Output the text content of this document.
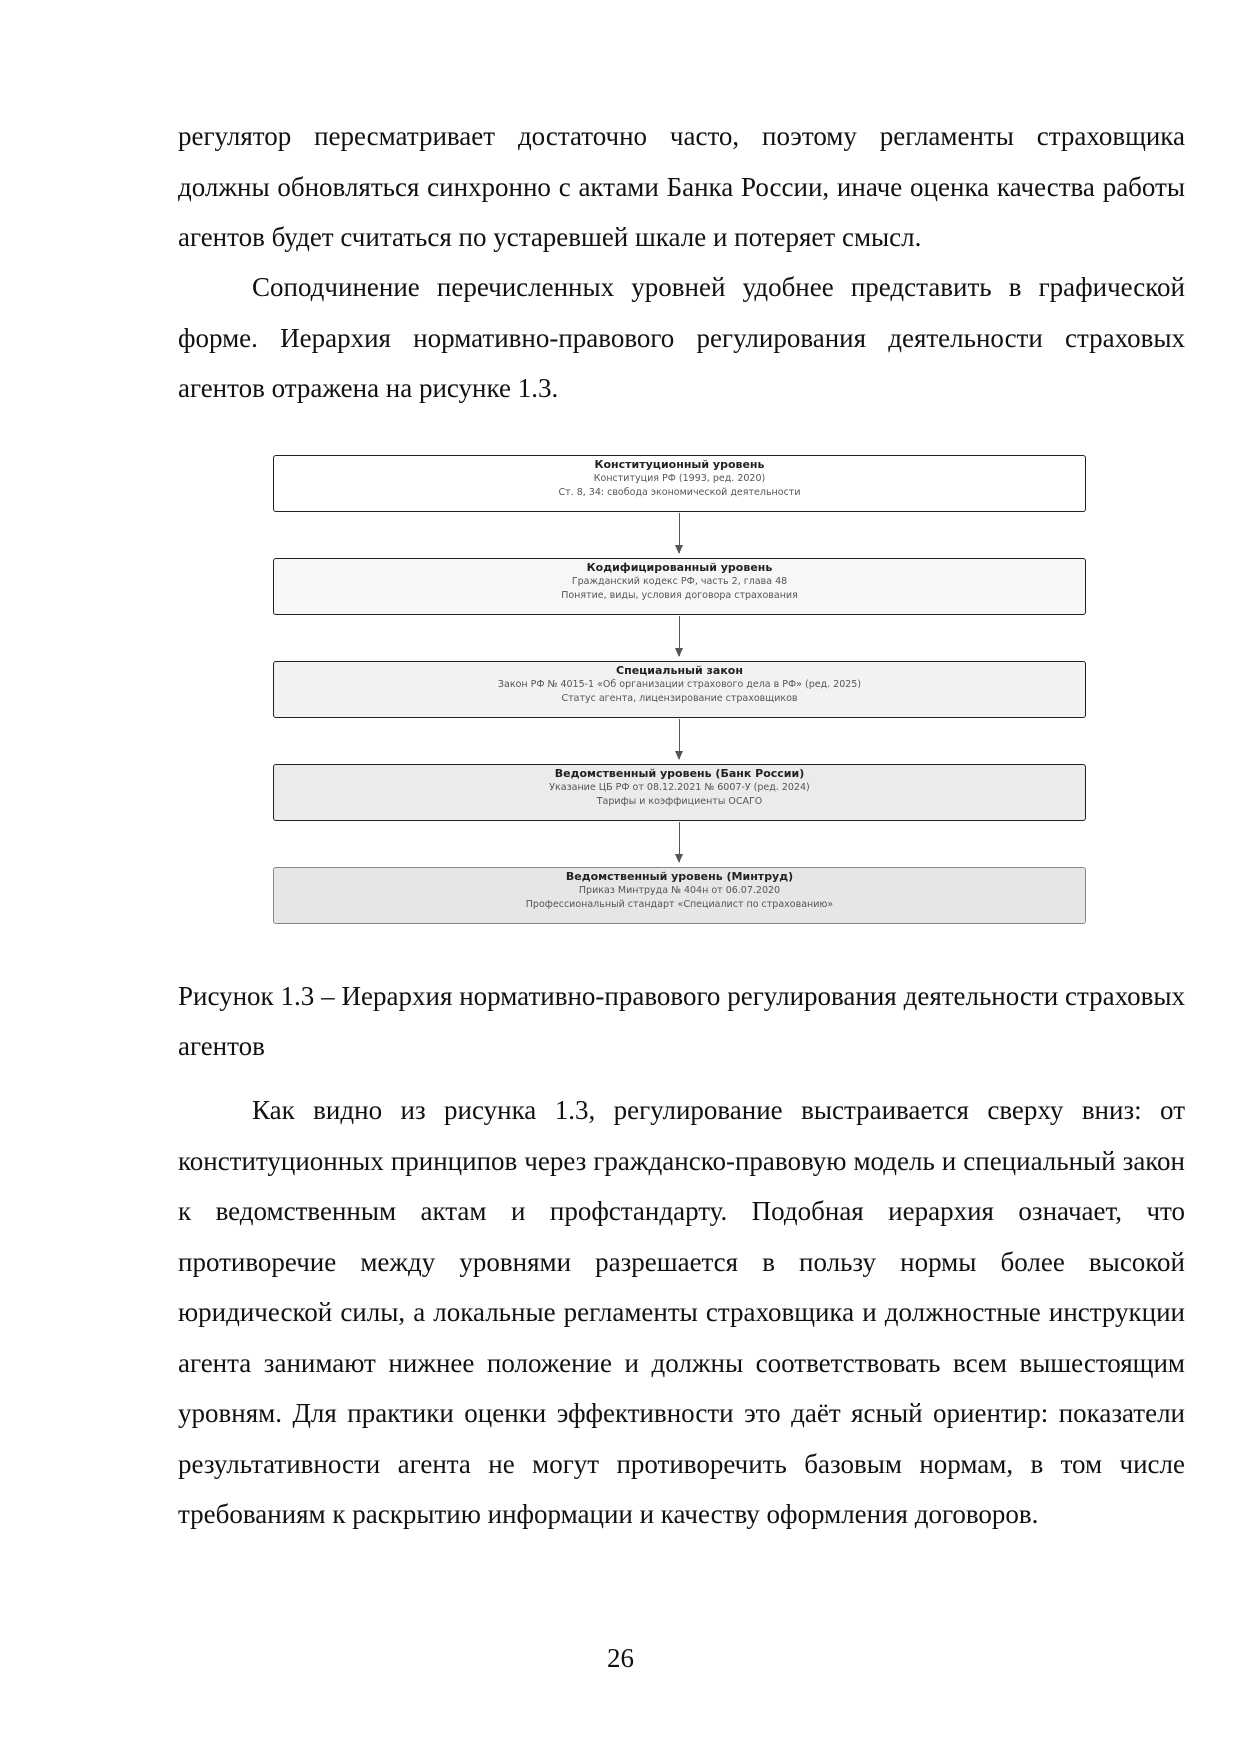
регулятор пересматривает достаточно часто, поэтому регламенты страховщика должны обновляться синхронно с актами Банка России, иначе оценка качества работы агентов будет считаться по устаревшей шкале и потеряет смысл.

Соподчинение перечисленных уровней удобнее представить в графической форме. Иерархия нормативно-правового регулирования деятельности страховых агентов отражена на рисунке 1.3.

Конституционный уровень
Конституция РФ (1993, ред. 2020)
Ст. 8, 34: свобода экономической деятельности
Кодифицированный уровень
Гражданский кодекс РФ, часть 2, глава 48
Понятие, виды, условия договора страхования
Специальный закон
Закон РФ № 4015-1 «Об организации страхового дела в РФ» (ред. 2025)
Статус агента, лицензирование страховщиков
Ведомственный уровень (Банк России)
Указание ЦБ РФ от 08.12.2021 № 6007-У (ред. 2024)
Тарифы и коэффициенты ОСАГО
Ведомственный уровень (Минтруд)
Приказ Минтруда № 404н от 06.07.2020
Профессиональный стандарт «Специалист по страхованию»

Рисунок 1.3 – Иерархия нормативно-правового регулирования деятельности страховых агентов

Как видно из рисунка 1.3, регулирование выстраивается сверху вниз: от конституционных принципов через гражданско-правовую модель и специальный закон к ведомственным актам и профстандарту. Подобная иерархия означает, что противоречие между уровнями разрешается в пользу нормы более высокой юридической силы, а локальные регламенты страховщика и должностные инструкции агента занимают нижнее положение и должны соответствовать всем вышестоящим уровням. Для практики оценки эффективности это даёт ясный ориентир: показатели результативности агента не могут противоречить базовым нормам, в том числе требованиям к раскрытию информации и качеству оформления договоров.

26
